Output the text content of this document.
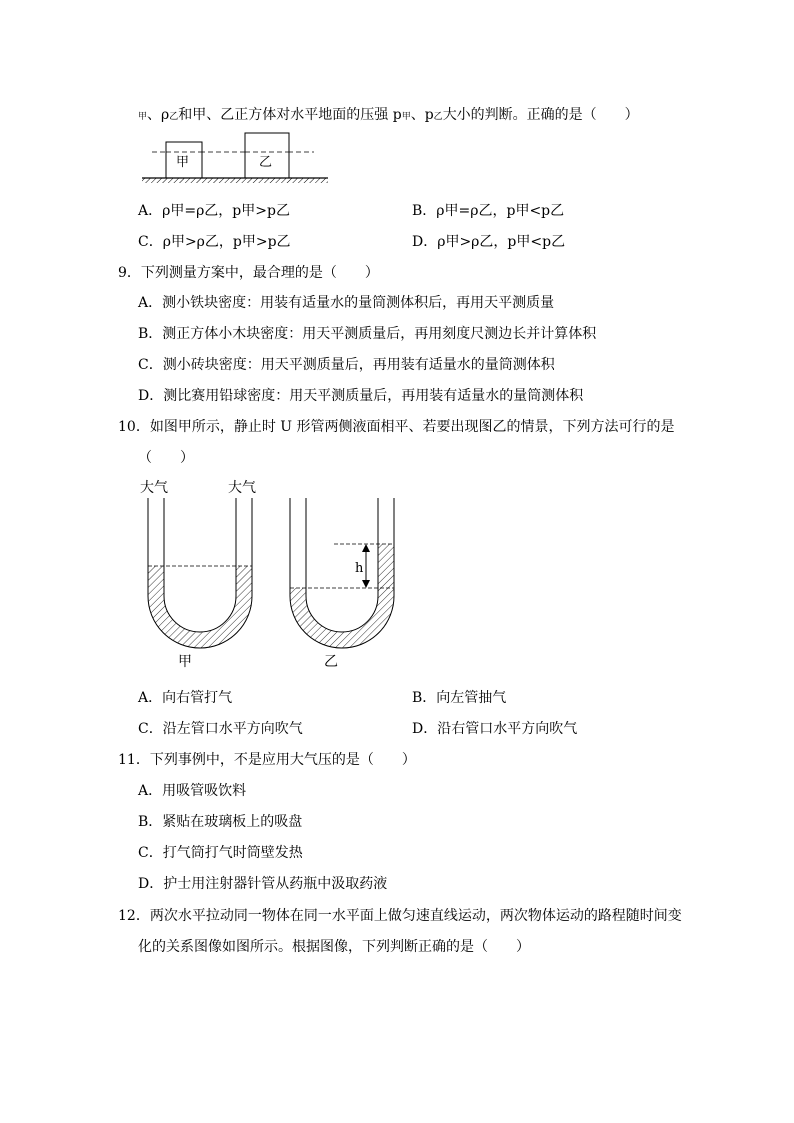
甲、ρ乙和甲、乙正方体对水平地面的压强 p甲、p乙大小的判断。正确的是（　　）
甲	乙
A．ρ甲=ρ乙，p甲>p乙	B．ρ甲=ρ乙，p甲<p乙
C．ρ甲>ρ乙，p甲>p乙	D．ρ甲>ρ乙，p甲<p乙
9．下列测量方案中，最合理的是（　　）
A．测小铁块密度：用装有适量水的量筒测体积后，再用天平测质量
B．测正方体小木块密度：用天平测质量后，再用刻度尺测边长并计算体积
C．测小砖块密度：用天平测质量后，再用装有适量水的量筒测体积
D．测比赛用铅球密度：用天平测质量后，再用装有适量水的量筒测体积
10．如图甲所示，静止时 U 形管两侧液面相平、若要出现图乙的情景，下列方法可行的是
（　　）
大气	大气
甲
h
乙
A．向右管打气	B．向左管抽气
C．沿左管口水平方向吹气	D．沿右管口水平方向吹气
11．下列事例中，不是应用大气压的是（　　）
A．用吸管吸饮料
B．紧贴在玻璃板上的吸盘
C．打气筒打气时筒壁发热
D．护士用注射器针管从药瓶中汲取药液
12．两次水平拉动同一物体在同一水平面上做匀速直线运动，两次物体运动的路程随时间变
化的关系图像如图所示。根据图像，下列判断正确的是（　　）
